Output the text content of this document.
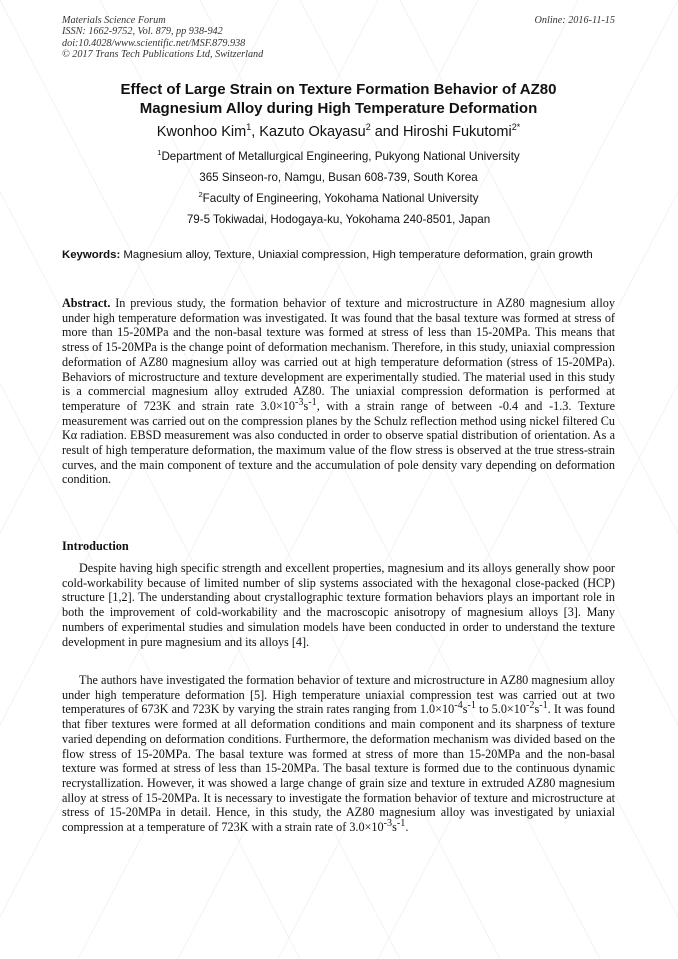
Materials Science Forum
ISSN: 1662-9752, Vol. 879, pp 938-942
doi:10.4028/www.scientific.net/MSF.879.938
© 2017 Trans Tech Publications Ltd, Switzerland
Online: 2016-11-15
Effect of Large Strain on Texture Formation Behavior of AZ80
Magnesium Alloy during High Temperature Deformation
Kwonhoo Kim$^1$, Kazuto Okayasu$^2$ and Hiroshi Fukutomi$^{2*}$
$^1$Department of Metallurgical Engineering, Pukyong National University
365 Sinseon-ro, Namgu, Busan 608-739, South Korea
$^2$Faculty of Engineering, Yokohama National University
79-5 Tokiwadai, Hodogaya-ku, Yokohama 240-8501, Japan
Keywords: Magnesium alloy, Texture, Uniaxial compression, High temperature deformation, grain growth

Abstract. In previous study, the formation behavior of texture and microstructure in AZ80 magnesium alloy under high temperature deformation was investigated. It was found that the basal texture was formed at stress of more than 15-20MPa and the non-basal texture was formed at stress of less than 15-20MPa. This means that stress of 15-20MPa is the change point of deformation mechanism. Therefore, in this study, uniaxial compression deformation of AZ80 magnesium alloy was carried out at high temperature deformation (stress of 15-20MPa). Behaviors of microstructure and texture development are experimentally studied. The material used in this study is a commercial magnesium alloy extruded AZ80. The uniaxial compression deformation is performed at temperature of 723K and strain rate $3.0\times 10^{-3}s^{-1}$, with a strain range of between -0.4 and -1.3. Texture measurement was carried out on the compression planes by the Schulz reflection method using nickel filtered Cu Kα radiation. EBSD measurement was also conducted in order to observe spatial distribution of orientation. As a result of high temperature deformation, the maximum value of the flow stress is observed at the true stress-strain curves, and the main component of texture and the accumulation of pole density vary depending on deformation condition.

Introduction

Despite having high specific strength and excellent properties, magnesium and its alloys generally show poor cold-workability because of limited number of slip systems associated with the hexagonal close-packed (HCP) structure [1,2]. The understanding about crystallographic texture formation behaviors plays an important role in both the improvement of cold-workability and the macroscopic anisotropy of magnesium alloys [3]. Many numbers of experimental studies and simulation models have been conducted in order to understand the texture development in pure magnesium and its alloys [4].

The authors have investigated the formation behavior of texture and microstructure in AZ80 magnesium alloy under high temperature deformation [5]. High temperature uniaxial compression test was carried out at two temperatures of 673K and 723K by varying the strain rates ranging from $1.0\times 10^{-4}s^{-1}$ to $5.0\times 10^{-2}s^{-1}$. It was found that fiber textures were formed at all deformation conditions and main component and its sharpness of texture varied depending on deformation conditions. Furthermore, the deformation mechanism was divided based on the flow stress of 15-20MPa. The basal texture was formed at stress of more than 15-20MPa and the non-basal texture was formed at stress of less than 15-20MPa. The basal texture is formed due to the continuous dynamic recrystallization. However, it was showed a large change of grain size and texture in extruded AZ80 magnesium alloy at stress of 15-20MPa. It is necessary to investigate the formation behavior of texture and microstructure at stress of 15-20MPa in detail. Hence, in this study, the AZ80 magnesium alloy was investigated by uniaxial compression at a temperature of 723K with a strain rate of $3.0\times 10^{-3}s^{-1}$.
